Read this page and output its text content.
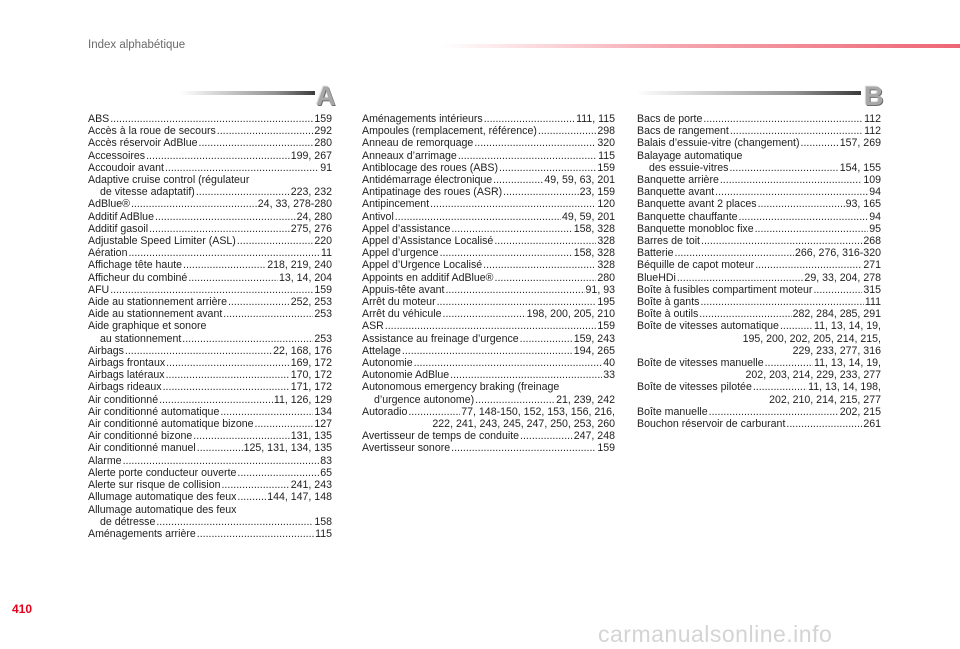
Index alphabétique
A	B
ABS .....	159
Accès à la roue de secours .....	292
Accès réservoir AdBlue .....	280
Accessoires .....	199, 267
Accoudoir avant .....	91
Adaptive cruise control (régulateur
de vitesse adaptatif) .....	223, 232
AdBlue® .....	24, 33, 278-280
Additif AdBlue .....	24, 280
Additif gasoil .....	275, 276
Adjustable Speed Limiter (ASL) .....	220
Aération .....	11
Affichage tête haute .....	218, 219, 240
Afficheur du combiné .....	13, 14, 204
AFU .....	159
Aide au stationnement arrière .....	252, 253
Aide au stationnement avant .....	253
Aide graphique et sonore
au stationnement .....	253
Airbags .....	22, 168, 176
Airbags frontaux .....	169, 172
Airbags latéraux .....	170, 172
Airbags rideaux .....	171, 172
Air conditionné .....	11, 126, 129
Air conditionné automatique .....	134
Air conditionné automatique bizone .....	127
Air conditionné bizone .....	131, 135
Air conditionné manuel .....	125, 131, 134, 135
Alarme .....	83
Alerte porte conducteur ouverte .....	65
Alerte sur risque de collision .....	241, 243
Allumage automatique des feux .....	144, 147, 148
Allumage automatique des feux
de détresse .....	158
Aménagements arrière .....	115
Aménagements intérieurs .....	111, 115
Ampoules (remplacement, référence) .....	298
Anneau de remorquage .....	320
Anneaux d’arrimage .....	115
Antiblocage des roues (ABS) .....	159
Antidémarrage électronique .....	49, 59, 63, 201
Antipatinage des roues (ASR) .....	23, 159
Antipincement .....	120
Antivol .....	49, 59, 201
Appel d’assistance .....	158, 328
Appel d’Assistance Localisé .....	328
Appel d’urgence .....	158, 328
Appel d’Urgence Localisé .....	328
Appoints en additif AdBlue® .....	280
Appuis-tête avant .....	91, 93
Arrêt du moteur .....	195
Arrêt du véhicule .....	198, 200, 205, 210
ASR .....	159
Assistance au freinage d’urgence .....	159, 243
Attelage .....	194, 265
Autonomie .....	40
Autonomie AdBlue .....	33
Autonomous emergency braking (freinage
d’urgence autonome) .....	21, 239, 242
Autoradio .....	77, 148-150, 152, 153, 156, 216,
222, 241, 243, 245, 247, 250, 253, 260
Avertisseur de temps de conduite .....	247, 248
Avertisseur sonore .....	159
Bacs de porte .....	112
Bacs de rangement .....	112
Balais d’essuie-vitre (changement) .....	157, 269
Balayage automatique
des essuie-vitres .....	154, 155
Banquette arrière .....	109
Banquette avant .....	94
Banquette avant 2 places .....	93, 165
Banquette chauffante .....	94
Banquette monobloc fixe .....	95
Barres de toit .....	268
Batterie .....	266, 276, 316-320
Béquille de capot moteur .....	271
BlueHDi .....	29, 33, 204, 278
Boîte à fusibles compartiment moteur .....	315
Boîte à gants .....	111
Boîte à outils .....	282, 284, 285, 291
Boîte de vitesses automatique .....	11, 13, 14, 19,
195, 200, 202, 205, 214, 215,
229, 233, 277, 316
Boîte de vitesses manuelle .....	11, 13, 14, 19,
202, 203, 214, 229, 233, 277
Boîte de vitesses pilotée .....	11, 13, 14, 198,
202, 210, 214, 215, 277
Boîte manuelle .....	202, 215
Bouchon réservoir de carburant .....	261
410
carmanualsonline.info
